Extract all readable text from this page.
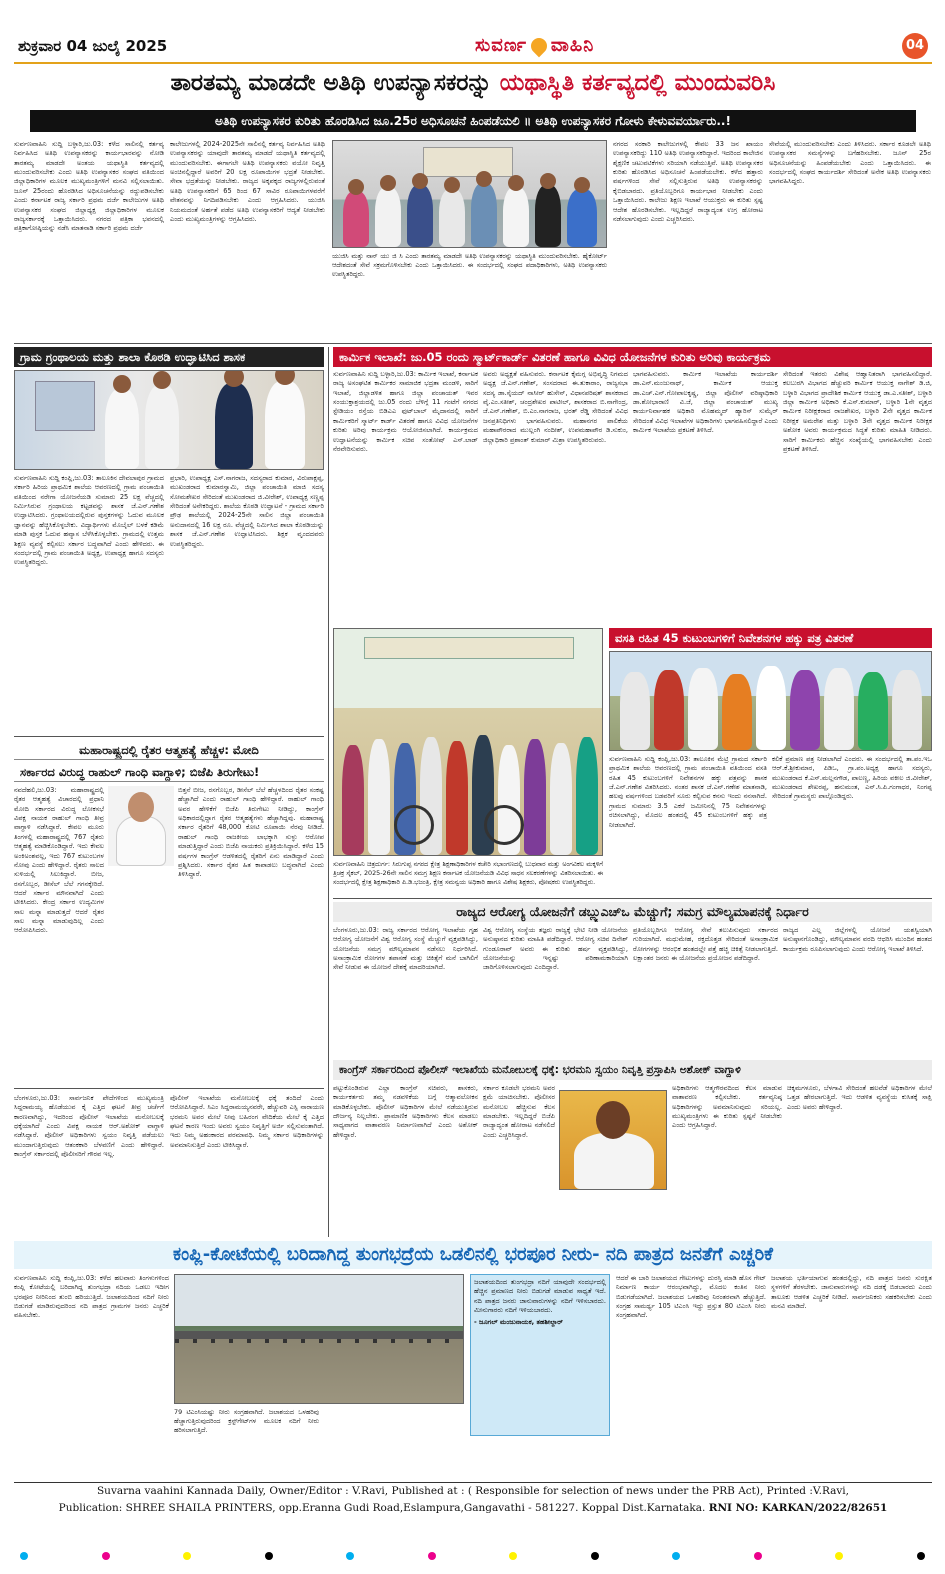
ಶುಕ್ರವಾರ 04 ಜುಲೈ 2025	ಸುವರ್ಣ ವಾಹಿನಿ	04
ತಾರತಮ್ಯ ಮಾಡದೇ ಅತಿಥಿ ಉಪನ್ಯಾಸಕರನ್ನು ಯಥಾಸ್ಥಿತಿ ಕರ್ತವ್ಯದಲ್ಲಿ ಮುಂದುವರಿಸಿ
ಅತಿಥಿ ಉಪನ್ಯಾಸಕರ ಕುರಿತು ಹೊರಡಿಸಿದ ಜೂ.25ರ ಅಧಿಸೂಚನೆ ಹಿಂಪಡೆಯಲಿ ॥ ಅತಿಥಿ ಉಪನ್ಯಾಸಕರ ಗೋಳು ಕೇಳುವವರ್ಯಾರು..!
ಸುರ್ವಣವಾಹಿನಿ ಸುದ್ದಿ ಬಳ್ಳಾರಿ,ಜು.03: ಕಳೆದ ಸಾಲಿನಲ್ಲಿ ಕರ್ತವ್ಯ ನಿರ್ವಹಿಸಿದ ಅತಿಥಿ ಉಪನ್ಯಾಸಕರನ್ನು ಕಾರ್ಯಭಾರವನ್ನು ನೋಡಿ ತಾರತಮ್ಯ ಮಾಡದೇ ಅಂತಯ ಯಥಾಸ್ಥಿತಿ ಕರ್ತವ್ಯದಲ್ಲಿ ಮುಂದುವರಿಸಬೇಕು ಎಂದು ಅತಿಥಿ ಉಪನ್ಯಾಸಕರ ಸಂಘದ ವತಿಯಿಂದ ಜಿಲ್ಲಾಧಿಕಾರಿಗಳ ಮೂಲಕ ಮುಖ್ಯಮಂತ್ರಿಗಳಿಗೆ ಮನವಿ ಸಲ್ಲಿಸಲಾಯಿತು. ಜೂನ್ 25ರಂದು ಹೊರಡಿಸಿದ ಅಧಿಸೂಚನೆಯನ್ನು ರದ್ದುಪಡಿಸಬೇಕು ಎಂದು ಕರ್ನಾಟಕ ರಾಜ್ಯ ಸರ್ಕಾರಿ ಪ್ರಥಮ ದರ್ಜೆ ಕಾಲೇಜುಗಳ ಅತಿಥಿ ಉಪನ್ಯಾಸಕರ ಸಂಘದ ಜಿಲ್ಲಾಧ್ಯಕ್ಷ ಜಿಲ್ಲಾಧಿಕಾರಿಗಳ ಮೂಲಕ ರಾಜ್ಯಸರ್ಕಾರಕ್ಕೆ ಒತ್ತಾಯಿಸಿದರು. ನಗರದ ಪತ್ರಿಕಾ ಭವನದಲ್ಲಿ ಪತ್ರಿಕಾಗೋಷ್ಠಿಯನ್ನು ನಡೆಸಿ ಮಾತನಾಡಿ ಸರ್ಕಾರಿ ಪ್ರಥಮ ದರ್ಜೆ
ಕಾಲೇಜುಗಳಲ್ಲಿ 2024-2025ನೇ ಸಾಲಿನಲ್ಲಿ ಕರ್ತವ್ಯ ನಿರ್ವಹಿಸಿದ ಅತಿಥಿ ಉಪನ್ಯಾಸಕರನ್ನು ಯಾವುದೇ ತಾರತಮ್ಯ ಮಾಡದೆ ಯಥಾಸ್ಥಿತಿ ಕರ್ತವ್ಯದಲ್ಲಿ ಮುಂದುವರಿಸಬೇಕು. ಈಗಾಗಲೇ ಅತಿಥಿ ಉಪನ್ಯಾಸಕರು ವಯೋ ನಿವೃತ್ತಿ ಅಂಚಿನಲ್ಲಿದ್ದಾರೆ ಅವರಿಗೆ 20 ಲಕ್ಷ ರೂಪಾಯಿಗಳ ಭದ್ರತೆ ನೀಡಬೇಕು. ಸೇವಾ ಭದ್ರತೆಯನ್ನು ನೀಡಬೇಕು. ರಾಜ್ಯದ ಅಕ್ಕಪಕ್ಕದ ರಾಜ್ಯಗಳಲ್ಲಿರುವಂತೆ ಅತಿಥಿ ಉಪನ್ಯಾಸಕರಿಗೆ 65 ರಿಂದ 67 ಸಾವಿರ ರೂಪಾಯಿಗಳವರೆಗೆ ವೇತನವನ್ನು ನಿಗದಿಪಡಿಸಬೇಕು ಎಂದು ಆಗ್ರಹಿಸಿದರು. ಯುಜಿಸಿ ನಿಯಮದಂತೆ ಅರ್ಹತೆ ಪಡೆದ ಅತಿಥಿ ಉಪನ್ಯಾಸಕರಿಗೆ ಆದ್ಯತೆ ನೀಡಬೇಕು ಎಂದು ಮುಖ್ಯಮಂತ್ರಿಗಳನ್ನು ಆಗ್ರಹಿಸಿದರು.
ಯುಜಿಸಿ ಮತ್ತು ನಾನ್ ಯು ಜಿ ಸಿ ಎಂದು ತಾರತಮ್ಯ ಮಾಡದೇ ಅತಿಥಿ ಉಪನ್ಯಾಸಕರನ್ನು ಯಥಾಸ್ಥಿತಿ ಮುಂದುವರಿಸಬೇಕು. ಹೈಕೋರ್ಟ್ ಆದೇಶದಂತೆ ಸೇವೆ ಸಕ್ರಮಗೊಳಿಸಬೇಕು ಎಂದು ಒತ್ತಾಯಿಸಿದರು. ಈ ಸಂದರ್ಭದಲ್ಲಿ ಸಂಘದ ಪದಾಧಿಕಾರಿಗಳು, ಅತಿಥಿ ಉಪನ್ಯಾಸಕರು ಉಪಸ್ಥಿತರಿದ್ದರು.
ನಗರದ ಸರಕಾರಿ ಕಾಲೇಜುಗಳಲ್ಲಿ ಕೇವಲ 33 ಜನ ಖಾಯಂ ಉಪನ್ಯಾಸಕರಿದ್ದು 110 ಅತಿಥಿ ಉಪನ್ಯಾಸಕರಿದ್ದಾರೆ. ಇದರಿಂದ ಕಾಲೇಜಿನ ಶೈಕ್ಷಣಿಕ ಚಟುವಟಿಕೆಗಳು ಸರಿಯಾಗಿ ನಡೆಯುತ್ತಿವೆ. ಅತಿಥಿ ಉಪನ್ಯಾಸಕರ ಕುರಿತು ಹೊರಡಿಸಿದ ಅಧಿಸೂಚನೆ ಹಿಂಪಡೆಯಬೇಕು. ಕಳೆದ ಹತ್ತಾರು ವರ್ಷಗಳಿಂದ ಸೇವೆ ಸಲ್ಲಿಸುತ್ತಿರುವ ಅತಿಥಿ ಉಪನ್ಯಾಸಕರನ್ನು ಕೈಬಿಡಬಾರದು. ಪ್ರತಿಯೊಬ್ಬರಿಗೂ ಕಾರ್ಯಭಾರ ನೀಡಬೇಕು ಎಂದು ಒತ್ತಾಯಿಸಿದರು. ಕಾಲೇಜು ಶಿಕ್ಷಣ ಇಲಾಖೆ ಆಯುಕ್ತರು ಈ ಕುರಿತು ಸ್ಪಷ್ಟ ಆದೇಶ ಹೊರಡಿಸಬೇಕು. ಇಲ್ಲದಿದ್ದರೆ ರಾಜ್ಯಾದ್ಯಂತ ಉಗ್ರ ಹೋರಾಟ ನಡೆಸಲಾಗುವುದು ಎಂದು ಎಚ್ಚರಿಸಿದರು.
ಸೇವೆಯಲ್ಲಿ ಮುಂದುವರಿಸಬೇಕು ಎಂದು ತಿಳಿಸಿದರು. ಸರ್ಕಾರ ಕೂಡಲೇ ಅತಿಥಿ ಉಪನ್ಯಾಸಕರ ಸಮಸ್ಯೆಗಳನ್ನು ಬಗೆಹರಿಸಬೇಕು. ಜೂನ್ 25ರ ಅಧಿಸೂಚನೆಯನ್ನು ಹಿಂಪಡೆಯಬೇಕು ಎಂದು ಒತ್ತಾಯಿಸಿದರು. ಈ ಸಂದರ್ಭದಲ್ಲಿ ಸಂಘದ ಕಾರ್ಯದರ್ಶಿ ಸೇರಿದಂತೆ ಅನೇಕ ಅತಿಥಿ ಉಪನ್ಯಾಸಕರು ಭಾಗವಹಿಸಿದ್ದರು.
ಗ್ರಾಮ ಗ್ರಂಥಾಲಯ ಮತ್ತು ಶಾಲಾ ಕೊಠಡಿ ಉದ್ಘಾಟಿಸಿದ ಶಾಸಕ
ಸುರ್ವಣವಾಹಿನಿ ಸುದ್ದಿ ಕಂಪ್ಲಿ,ಜು.03: ತಾಲೂಕಿನ ದೇವಲಾಪುರ ಗ್ರಾಮದ ಸರ್ಕಾರಿ ಹಿರಿಯ ಪ್ರಾಥಮಿಕ ಶಾಲೆಯ ಆವರಣದಲ್ಲಿ ಗ್ರಾಮ ಪಂಚಾಯಿತಿ ವತಿಯಿಂದ ನರೇಗಾ ಯೋಜನೆಯಡಿ ಸುಮಾರು 25 ಲಕ್ಷ ವೆಚ್ಚದಲ್ಲಿ ನಿರ್ಮಿಸಿರುವ ಗ್ರಂಥಾಲಯ ಕಟ್ಟಡವನ್ನು ಶಾಸಕ ಜೆ.ಎನ್.ಗಣೇಶ ಉದ್ಘಾಟಿಸಿದರು. ಗ್ರಂಥಾಲಯದಲ್ಲಿರುವ ಪುಸ್ತಕಗಳನ್ನು ಓದುವ ಮೂಲಕ ಜ್ಞಾನವನ್ನು ಹೆಚ್ಚಿಸಿಕೊಳ್ಳಬೇಕು. ವಿದ್ಯಾರ್ಥಿಗಳು ಮೊಬೈಲ್ ಬಳಕೆ ಕಡಿಮೆ ಮಾಡಿ ಪುಸ್ತಕ ಓದುವ ಹವ್ಯಾಸ ಬೆಳೆಸಿಕೊಳ್ಳಬೇಕು. ಗ್ರಾಮದಲ್ಲಿ ಉತ್ತಮ ಶಿಕ್ಷಣ ವ್ಯವಸ್ಥೆ ಕಲ್ಪಿಸಲು ಸರ್ಕಾರ ಬದ್ಧವಾಗಿದೆ ಎಂದು ಹೇಳಿದರು. ಈ ಸಂದರ್ಭದಲ್ಲಿ ಗ್ರಾಮ ಪಂಚಾಯಿತಿ ಅಧ್ಯಕ್ಷ, ಉಪಾಧ್ಯಕ್ಷ ಹಾಗೂ ಸದಸ್ಯರು ಉಪಸ್ಥಿತರಿದ್ದರು.
ಪ್ರಭಾರಿ, ಉಪಾಧ್ಯಕ್ಷ ಎಸ್.ನಾಗರಾಜ, ಸದಸ್ಯರಾದ ಕುಮಾರ, ವಿರುಪಾಕ್ಷಪ್ಪ, ಮುಖಂಡರಾದ ಕುಮಾರಸ್ವಾಮಿ, ಜಿಲ್ಲಾ ಪಂಚಾಯಿತಿ ಮಾಜಿ ಸದಸ್ಯ ಸೋಮಶೇಖರ ಸೇರಿದಂತೆ ಮುಖಂಡರಾದ ಜಿ.ವೀರೇಶ್, ಉಪಾಧ್ಯಕ್ಷ ಸಣ್ಣಪ್ಪ ಸೇರಿದಂತೆ ಅನೇಕರಿದ್ದರು. ಶಾಲೆಯ ಕೊಠಡಿ ಉದ್ಘಾಟನೆ - ಗ್ರಾಮದ ಸರ್ಕಾರಿ ಪ್ರೌಢ ಶಾಲೆಯಲ್ಲಿ 2024-25ನೇ ಸಾಲಿನ ಜಿಲ್ಲಾ ಪಂಚಾಯಿತಿ ಅನುದಾನದಲ್ಲಿ 16 ಲಕ್ಷ ರೂ. ವೆಚ್ಚದಲ್ಲಿ ನಿರ್ಮಿಸಿದ ಶಾಲಾ ಕೊಠಡಿಯನ್ನು ಶಾಸಕ ಜೆ.ಎನ್.ಗಣೇಶ ಉದ್ಘಾಟಿಸಿದರು. ಶಿಕ್ಷಕ ವೃಂದದವರು ಉಪಸ್ಥಿತರಿದ್ದರು.
ಕಾರ್ಮಿಕ ಇಲಾಖೆ: ಜು.05 ರಂದು ಸ್ಮಾರ್ಟ್‌ಕಾರ್ಡ್ ವಿತರಣೆ ಹಾಗೂ ವಿವಿಧ ಯೋಜನೆಗಳ ಕುರಿತು ಅರಿವು ಕಾರ್ಯಕ್ರಮ
ಸುರ್ವಣವಾಹಿನಿ ಸುದ್ದಿ ಬಳ್ಳಾರಿ,ಜು.03: ಕಾರ್ಮಿಕ ಇಲಾಖೆ, ಕರ್ನಾಟಕ ರಾಜ್ಯ ಅಸಂಘಟಿತ ಕಾರ್ಮಿಕರ ಸಾಮಾಜಿಕ ಭದ್ರತಾ ಮಂಡಳಿ, ಸಾರಿಗೆ ಇಲಾಖೆ, ಜಿಲ್ಲಾಡಳಿತ ಹಾಗೂ ಜಿಲ್ಲಾ ಪಂಚಾಯತ್ ಇವರ ಸಂಯುಕ್ತಾಶ್ರಯದಲ್ಲಿ ಜು.05 ರಂದು ಬೆಳಿಗ್ಗೆ 11 ಗಂಟೆಗೆ ನಗರದ ಸ್ಟೇಡಿಯಂ ರಸ್ತೆಯ ಬಿಡಿಎಎ ಫುಟ್‌ಬಾಲ್ ಮೈದಾನದಲ್ಲಿ ಸಾರಿಗೆ ಕಾರ್ಮಿಕರಿಗೆ ಸ್ಮಾರ್ಟ್ ಕಾರ್ಡ್ ವಿತರಣೆ ಹಾಗೂ ವಿವಿಧ ಯೋಜನೆಗಳ ಕುರಿತು ಅರಿವು ಕಾರ್ಯಕ್ರಮ ಆಯೋಜಿಸಲಾಗಿದೆ. ಕಾರ್ಯಕ್ರಮದ ಉದ್ಘಾಟನೆಯನ್ನು ಕಾರ್ಮಿಕ ಸಚಿವ ಸಂತೋಷ್ ಎಸ್.ಲಾಡ್ ನೆರವೇರಿಸುವರು.
ಅವರು ಅಧ್ಯಕ್ಷತೆ ವಹಿಸುವರು. ಕರ್ನಾಟಕ ಕೈಮಗ್ಗ ಅಭಿವೃದ್ಧಿ ನಿಗಮದ ಅಧ್ಯಕ್ಷ ಜೆ.ಎನ್.ಗಣೇಶ್, ಸಂಸದರಾದ ಈ.ತುಕಾರಾಂ, ರಾಜ್ಯಸಭಾ ಸದಸ್ಯ ಡಾ.ಸೈಯದ್ ನಾಸೀರ್ ಹುಸೇನ್, ವಿಧಾನಪರಿಷತ್ ಶಾಸಕರಾದ ವೈ.ಎಂ.ಸತೀಶ್, ಚಂದ್ರಶೇಖರ ಪಾಟೀಲ್, ಶಾಸಕರಾದ ಬಿ.ನಾಗೇಂದ್ರ, ಜೆ.ಎನ್.ಗಣೇಶ್, ಬಿ.ಎಂ.ನಾಗರಾಜ, ಭರತ್ ರೆಡ್ಡಿ ಸೇರಿದಂತೆ ವಿವಿಧ ಜನಪ್ರತಿನಿಧಿಗಳು ಭಾಗವಹಿಸುವರು. ಮಹಾನಗರ ಪಾಲಿಕೆಯ ಮಹಾಪೌರರಾದ ಮುಲ್ಲಂಗಿ ನಂದೀಶ್, ಉಪಮಹಾಪೌರ ಡಿ.ಸುಕುಂ, ಜಿಲ್ಲಾಧಿಕಾರಿ ಪ್ರಶಾಂತ್ ಕುಮಾರ್ ಮಿಶ್ರಾ ಉಪಸ್ಥಿತರಿರುವರು.
ಭಾಗವಹಿಸುವರು. ಕಾರ್ಮಿಕ ಇಲಾಖೆಯ ಕಾರ್ಯದರ್ಶಿ ಡಾ.ಎನ್.ಮಂಜುನಾಥ್, ಕಾರ್ಮಿಕ ಆಯುಕ್ತ ಡಾ.ಎಚ್.ಎನ್.ಗೋಪಾಲಕೃಷ್ಣ, ಜಿಲ್ಲಾ ಪೊಲೀಸ್ ವರಿಷ್ಠಾಧಿಕಾರಿ ಡಾ.ಶೋಭಾರಾಣಿ ವಿ.ಜೆ, ಜಿಲ್ಲಾ ಪಂಚಾಯತ್ ಮುಖ್ಯ ಕಾರ್ಯನಿರ್ವಾಹಕ ಅಧಿಕಾರಿ ಮೊಹಮ್ಮದ್ ಹ್ಯಾರಿಸ್ ಸುಮೈರ್ ಸೇರಿದಂತೆ ವಿವಿಧ ಇಲಾಖೆಗಳ ಅಧಿಕಾರಿಗಳು ಭಾಗವಹಿಸಲಿದ್ದಾರೆ ಎಂದು ಕಾರ್ಮಿಕ ಇಲಾಖೆಯ ಪ್ರಕಟಣೆ ತಿಳಿಸಿದೆ.
ಸೇರಿದಂತೆ ಇತರರು ವಿಶೇಷ ಆಹ್ವಾನಿತರಾಗಿ ಭಾಗವಹಿಸಲಿದ್ದಾರೆ. ಕಲಬುರಗಿ ವಿಭಾಗದ ಹೆಚ್ಚುವರಿ ಕಾರ್ಮಿಕ ಆಯುಕ್ತ ನಾಗೇಶ್ ಡಿ.ಜಿ, ಬಳ್ಳಾರಿ ವಿಭಾಗದ ಪ್ರಾದೇಶಿಕ ಕಾರ್ಮಿಕ ಆಯುಕ್ತ ಡಾ.ಎ.ಸತೀಶ್, ಬಳ್ಳಾರಿ ಜಿಲ್ಲಾ ಕಾರ್ಮಿಕ ಅಧಿಕಾರಿ ಕೆ.ಎಸ್.ಕುಮಾರ್, ಬಳ್ಳಾರಿ 1ನೇ ವೃತ್ತದ ಕಾರ್ಮಿಕ ನಿರೀಕ್ಷಕರಾದ ರಾಜಶೇಖರ, ಬಳ್ಳಾರಿ 2ನೇ ವೃತ್ತದ ಕಾರ್ಮಿಕ ನಿರೀಕ್ಷಕ ಅಮರೇಶ ಮತ್ತು ಬಳ್ಳಾರಿ 3ನೇ ವೃತ್ತದ ಕಾರ್ಮಿಕ ನಿರೀಕ್ಷಕ ಅಶೋಕ ಅವರು ಕಾರ್ಯಕ್ರಮದ ಸಿದ್ಧತೆ ಕುರಿತು ಮಾಹಿತಿ ನೀಡಿದರು. ಸಾರಿಗೆ ಕಾರ್ಮಿಕರು ಹೆಚ್ಚಿನ ಸಂಖ್ಯೆಯಲ್ಲಿ ಭಾಗವಹಿಸಬೇಕು ಎಂದು ಪ್ರಕಟಣೆ ತಿಳಿಸಿದೆ.
ಸುರ್ವಣವಾಹಿನಿ ಚಿತ್ರದುರ್ಗ: ಸಿರುಗುಪ್ಪ ನಗರದ ಕ್ಷೇತ್ರ ಶಿಕ್ಷಣಾಧಿಕಾರಿಗಳ ಕಚೇರಿ ಸಭಾಂಗಣದಲ್ಲಿ ಬುಧವಾರ ಮತ್ತು ಅಂಗವಿಕಲ ಮಕ್ಕಳಿಗೆ ತ್ರಿಚಕ್ರ ಸೈಕಲ್, 2025-26ನೇ ಸಾಲಿನ ಸಮಗ್ರ ಶಿಕ್ಷಣ ಕರ್ನಾಟಕ ಯೋಜನೆಯಡಿ ವಿವಿಧ ಸಾಧನ ಸಲಕರಣೆಗಳನ್ನು ವಿತರಿಸಲಾಯಿತು. ಈ ಸಂದರ್ಭದಲ್ಲಿ ಕ್ಷೇತ್ರ ಶಿಕ್ಷಣಾಧಿಕಾರಿ ಪಿ.ಡಿ.ಭಜಂತ್ರಿ, ಕ್ಷೇತ್ರ ಸಮನ್ವಯ ಅಧಿಕಾರಿ ಹಾಗೂ ವಿಶೇಷ ಶಿಕ್ಷಕರು, ಪೋಷಕರು ಉಪಸ್ಥಿತರಿದ್ದರು.
ವಸತಿ ರಹಿತ 45 ಕುಟುಂಬಗಳಿಗೆ ನಿವೇಶನಗಳ ಹಕ್ಕು ಪತ್ರ ವಿತರಣೆ
ಸುರ್ವಣವಾಹಿನಿ ಸುದ್ದಿ ಕಂಪ್ಲಿ,ಜು.03: ತಾಲೂಕಿನ ಮೆಟ್ರಿ ಗ್ರಾಮದ ಸರ್ಕಾರಿ ಪ್ರಾಥಮಿಕ ಶಾಲೆಯ ಆವರಣದಲ್ಲಿ ಗ್ರಾಮ ಪಂಚಾಯಿತಿ ವತಿಯಿಂದ ವಸತಿ ರಹಿತ 45 ಕುಟುಂಬಗಳಿಗೆ ನಿವೇಶನಗಳ ಹಕ್ಕು ಪತ್ರವನ್ನು ಶಾಸಕ ಜೆ.ಎನ್.ಗಣೇಶ ವಿತರಿಸಿದರು. ನಂತರ ಶಾಸಕ ಜೆ.ಎನ್.ಗಣೇಶ ಮಾತನಾಡಿ, ಹಲವು ವರ್ಷಗಳಿಂದ ಬಡವರಿಗೆ ಸೂರು ಕಲ್ಪಿಸುವ ಕನಸು ಇಂದು ನನಸಾಗಿದೆ. ಗ್ರಾಮದ ಸುಮಾರು 3.5 ಎಕರೆ ಜಮೀನಿನಲ್ಲಿ 75 ನಿವೇಶನಗಳನ್ನು ರಚಿಸಲಾಗಿದ್ದು, ಮೊದಲ ಹಂತದಲ್ಲಿ 45 ಕುಟುಂಬಗಳಿಗೆ ಹಕ್ಕು ಪತ್ರ ನೀಡಲಾಗಿದೆ.
ಕಲಿಕೆ ಪ್ರಮಾಣ ಪತ್ರ ನೀಡಲಾಗಿದೆ ಎಂದರು. ಈ ಸಂದರ್ಭದಲ್ಲಿ ತಾ.ಪಂ.ಇಒ ಆರ್.ಕೆ.ಶ್ರೀಕುಮಾರ, ಪಿಡಿಒ, ಗ್ರಾ.ಪಂ.ಅಧ್ಯಕ್ಷ ಹಾಗೂ ಸದಸ್ಯರು, ಮುಖಂಡರಾದ ಕೆ.ಎಸ್.ಮಲ್ಲನಗೌಡ, ಪಾಲಣ್ಣ, ಹಿರಿಯ ವಕೀಲ ಜಿ.ವೀರೇಶ್, ಮುಖಂಡರಾದ ಶೇಖರಪ್ಪ, ಹನುಮಂತ, ಎನ್.ಸಿ.ಪಿ.ಗಂಗಾಧರ, ನಿಂಗಪ್ಪ ಸೇರಿದಂತೆ ಗ್ರಾಮಸ್ಥರು ಪಾಲ್ಗೊಂಡಿದ್ದರು.
ಮಹಾರಾಷ್ಟ್ರದಲ್ಲಿ ರೈತರ ಆತ್ಮಹತ್ಯೆ ಹೆಚ್ಚಳ: ಮೋದಿ
ಸರ್ಕಾರದ ವಿರುದ್ಧ ರಾಹುಲ್ ಗಾಂಧಿ ವಾಗ್ದಾಳಿ; ಬಿಜೆಪಿ ತಿರುಗೇಟು!
ನವದೆಹಲಿ,ಜು.03: ಮಹಾರಾಷ್ಟ್ರದಲ್ಲಿ ರೈತರ ಆತ್ಮಹತ್ಯೆ ವಿಚಾರದಲ್ಲಿ ಪ್ರಧಾನಿ ಮೋದಿ ಸರ್ಕಾರದ ವಿರುದ್ಧ ಲೋಕಸಭೆ ವಿಪಕ್ಷ ನಾಯಕ ರಾಹುಲ್ ಗಾಂಧಿ ತೀವ್ರ ವಾಗ್ದಾಳಿ ನಡೆಸಿದ್ದಾರೆ. ಕೇವಲ ಮೂರು ತಿಂಗಳಲ್ಲಿ ಮಹಾರಾಷ್ಟ್ರದಲ್ಲಿ 767 ರೈತರು ಆತ್ಮಹತ್ಯೆ ಮಾಡಿಕೊಂಡಿದ್ದಾರೆ. ಇದು ಕೇವಲ ಅಂಕಿಅಂಶವಲ್ಲ, ಇದು 767 ಕುಟುಂಬಗಳ ನೋವು ಎಂದು ಹೇಳಿದ್ದಾರೆ. ರೈತರು ಸಾಲದ ಸುಳಿಯಲ್ಲಿ ಸಿಲುಕಿದ್ದಾರೆ. ಬೀಜ, ರಸಗೊಬ್ಬರ, ಡೀಸೆಲ್ ಬೆಲೆ ಗಗನಕ್ಕೇರಿದೆ. ಆದರೆ ಸರ್ಕಾರ ಮೌನವಾಗಿದೆ ಎಂದು ಟೀಕಿಸಿದರು. ಕೇಂದ್ರ ಸರ್ಕಾರ ಉದ್ಯಮಿಗಳ ಸಾಲ ಮನ್ನಾ ಮಾಡುತ್ತದೆ ಆದರೆ ರೈತರ ಸಾಲ ಮನ್ನಾ ಮಾಡುವುದಿಲ್ಲ ಎಂದು ಆರೋಪಿಸಿದರು.
ಬಿತ್ತನೆ ಬೀಜ, ರಸಗೊಬ್ಬರ, ಡೀಸೆಲ್ ಬೆಲೆ ಹೆಚ್ಚಳದಿಂದ ರೈತರ ಸಂಕಷ್ಟ ಹೆಚ್ಚಾಗಿದೆ ಎಂದು ರಾಹುಲ್ ಗಾಂಧಿ ಹೇಳಿದ್ದಾರೆ. ರಾಹುಲ್ ಗಾಂಧಿ ಅವರ ಹೇಳಿಕೆಗೆ ಬಿಜೆಪಿ ತಿರುಗೇಟು ನೀಡಿದ್ದು, ಕಾಂಗ್ರೆಸ್ ಅಧಿಕಾರದಲ್ಲಿದ್ದಾಗ ರೈತರ ಆತ್ಮಹತ್ಯೆಗಳು ಹೆಚ್ಚಾಗಿದ್ದವು. ಮಹಾರಾಷ್ಟ್ರ ಸರ್ಕಾರ ರೈತರಿಗೆ 48,000 ಕೋಟಿ ರೂಪಾಯಿ ನೆರವು ನೀಡಿದೆ. ರಾಹುಲ್ ಗಾಂಧಿ ರಾಜಕೀಯ ಲಾಭಕ್ಕಾಗಿ ಸುಳ್ಳು ಆರೋಪ ಮಾಡುತ್ತಿದ್ದಾರೆ ಎಂದು ಬಿಜೆಪಿ ನಾಯಕರು ಪ್ರತಿಕ್ರಿಯಿಸಿದ್ದಾರೆ. ಕಳೆದ 15 ವರ್ಷಗಳ ಕಾಂಗ್ರೆಸ್ ಆಡಳಿತದಲ್ಲಿ ರೈತರಿಗೆ ಏನು ಮಾಡಿದ್ದಾರೆ ಎಂದು ಪ್ರಶ್ನಿಸಿದರು. ಸರ್ಕಾರ ರೈತರ ಹಿತ ಕಾಪಾಡಲು ಬದ್ಧವಾಗಿದೆ ಎಂದು ತಿಳಿಸಿದ್ದಾರೆ.
ಬೆಂಗಳೂರು,ಜು.03: ಸಾರ್ವಜನಿಕ ಪೇದೆಗಳಿಂದ ಮುಖ್ಯಮಂತ್ರಿ ಸಿದ್ದರಾಮಯ್ಯ ಹೊಡೆಯುವ ಕೈ ಎತ್ತಿದ ಘಟನೆ ತೀವ್ರ ಚರ್ಚೆಗೆ ಕಾರಣವಾಗಿದ್ದು, ಇದರಿಂದ ಪೊಲೀಸ್ ಇಲಾಖೆಯ ಮನೋಬಲಕ್ಕೆ ಧಕ್ಕೆಯಾಗಿದೆ ಎಂದು ವಿಪಕ್ಷ ನಾಯಕ ಆರ್.ಅಶೋಕ್ ವಾಗ್ದಾಳಿ ನಡೆಸಿದ್ದಾರೆ. ಪೊಲೀಸ್ ಅಧಿಕಾರಿಗಳು ಸ್ವಯಂ ನಿವೃತ್ತಿ ಪಡೆಯಲು ಮುಂದಾಗುತ್ತಿರುವುದು ಆತಂಕಕಾರಿ ಬೆಳವಣಿಗೆ ಎಂದು ಹೇಳಿದ್ದಾರೆ. ಕಾಂಗ್ರೆಸ್ ಸರ್ಕಾರದಲ್ಲಿ ಪೊಲೀಸರಿಗೆ ಗೌರವ ಇಲ್ಲ.
ಪೊಲೀಸ್ ಇಲಾಖೆಯ ಮನೋಬಲಕ್ಕೆ ಧಕ್ಕೆ ತಂದಿದೆ ಎಂದು ಆರೋಪಿಸಿದ್ದಾರೆ. ಸಿಎಂ ಸಿದ್ದರಾಮಯ್ಯನವರೇ, ಹೆಚ್ಚುವರಿ ಎಸ್ಪಿ ನಾರಾಯಣ ಭರಮನಿ ಅವರ ಮೇಲೆ ನೀವು ಬಹಿರಂಗ ವೇದಿಕೆಯ ಮೇಲೆ ಕೈ ಎತ್ತಿದ ಘಟನೆ ಕಾರಣ ಇಂದು ಅವರು ಸ್ವಯಂ ನಿವೃತ್ತಿಗೆ ಅರ್ಜಿ ಸಲ್ಲಿಸುವಂತಾಗಿದೆ. ಇದು ನಿಮ್ಮ ಅಹಂಕಾರದ ಪರಮಾವಧಿ. ನಿಮ್ಮ ಸರ್ಕಾರ ಅಧಿಕಾರಿಗಳನ್ನು ಅವಮಾನಿಸುತ್ತಿದೆ ಎಂದು ಟೀಕಿಸಿದ್ದಾರೆ.
ರಾಜ್ಯದ ಆರೋಗ್ಯ ಯೋಜನೆಗೆ ಡಬ್ಲ್ಯುಎಚ್‌ಒ ಮೆಚ್ಚುಗೆ; ಸಮಗ್ರ ಮೌಲ್ಯಮಾಪನಕ್ಕೆ ನಿರ್ಧಾರ
ಬೆಂಗಳೂರು,ಜು.03: ರಾಜ್ಯ ಸರ್ಕಾರದ ಆರೋಗ್ಯ ಇಲಾಖೆಯ ಗೃಹ ಆರೋಗ್ಯ ಯೋಜನೆಗೆ ವಿಶ್ವ ಆರೋಗ್ಯ ಸಂಸ್ಥೆ ಮೆಚ್ಚುಗೆ ವ್ಯಕ್ತಪಡಿಸಿದ್ದು, ಯೋಜನೆಯ ಸಮಗ್ರ ಮೌಲ್ಯಮಾಪನ ನಡೆಸಲು ನಿರ್ಧರಿಸಿದೆ. ಅಸಾಂಕ್ರಾಮಿಕ ರೋಗಗಳ ತಪಾಸಣೆ ಮತ್ತು ಚಿಕಿತ್ಸೆಗೆ ಮನೆ ಬಾಗಿಲಿಗೆ ಸೇವೆ ನೀಡುವ ಈ ಯೋಜನೆ ದೇಶಕ್ಕೆ ಮಾದರಿಯಾಗಿದೆ.
ವಿಶ್ವ ಆರೋಗ್ಯ ಸಂಸ್ಥೆಯ ತಜ್ಞರು ರಾಜ್ಯಕ್ಕೆ ಭೇಟಿ ನೀಡಿ ಯೋಜನೆಯ ಅನುಷ್ಠಾನದ ಕುರಿತು ಮಾಹಿತಿ ಪಡೆದಿದ್ದಾರೆ. ಆರೋಗ್ಯ ಸಚಿವ ದಿನೇಶ್ ಗುಂಡೂರಾವ್ ಅವರು ಈ ಕುರಿತು ಹರ್ಷ ವ್ಯಕ್ತಪಡಿಸಿದ್ದು, ಯೋಜನೆಯನ್ನು ಇನ್ನಷ್ಟು ಪರಿಣಾಮಕಾರಿಯಾಗಿ ಜಾರಿಗೊಳಿಸಲಾಗುವುದು ಎಂದಿದ್ದಾರೆ.
ಪ್ರತಿಯೊಬ್ಬರಿಗೂ ಆರೋಗ್ಯ ಸೇವೆ ತಲುಪಿಸುವುದು ಸರ್ಕಾರದ ಗುರಿಯಾಗಿದೆ. ಮಧುಮೇಹ, ರಕ್ತದೊತ್ತಡ ಸೇರಿದಂತೆ ಅಸಾಂಕ್ರಾಮಿಕ ರೋಗಗಳನ್ನು ಆರಂಭಿಕ ಹಂತದಲ್ಲೇ ಪತ್ತೆ ಹಚ್ಚಿ ಚಿಕಿತ್ಸೆ ನೀಡಲಾಗುತ್ತಿದೆ. ಲಕ್ಷಾಂತರ ಜನರು ಈ ಯೋಜನೆಯ ಪ್ರಯೋಜನ ಪಡೆದಿದ್ದಾರೆ.
ರಾಜ್ಯದ ಎಲ್ಲ ಜಿಲ್ಲೆಗಳಲ್ಲಿ ಯೋಜನೆ ಯಶಸ್ವಿಯಾಗಿ ಅನುಷ್ಠಾನಗೊಂಡಿದ್ದು, ಮೌಲ್ಯಮಾಪನ ವರದಿ ಆಧರಿಸಿ ಮುಂದಿನ ಹಂತದ ಕಾರ್ಯಕ್ರಮ ರೂಪಿಸಲಾಗುವುದು ಎಂದು ಆರೋಗ್ಯ ಇಲಾಖೆ ತಿಳಿಸಿದೆ.
ಕಾಂಗ್ರೆಸ್ ಸರ್ಕಾರದಿಂದ ಪೊಲೀಸ್ ಇಲಾಖೆಯ ಮನೋಬಲಕ್ಕೆ ಧಕ್ಕೆ: ಭರಮನಿ ಸ್ವಯಂ ನಿವೃತ್ತಿ ಪ್ರಸ್ತಾಪಿಸಿ ಅಶೋಕ್ ವಾಗ್ದಾಳಿ
ಪಟ್ಟುಕೊಂಡಿರುವ ಎಲ್ಲಾ ಕಾಂಗ್ರೆಸ್ ಸಚಿವರು, ಶಾಸಕರು, ಕಾರ್ಯಕರ್ತರು ತಮ್ಮ ನಡವಳಿಕೆಯ ಬಗ್ಗೆ ಆತ್ಮಾವಲೋಕನ ಮಾಡಿಕೊಳ್ಳಬೇಕು. ಪೊಲೀಸ್ ಅಧಿಕಾರಿಗಳ ಮೇಲೆ ನಡೆಯುತ್ತಿರುವ ದೌರ್ಜನ್ಯ ನಿಲ್ಲಬೇಕು. ಪ್ರಾಮಾಣಿಕ ಅಧಿಕಾರಿಗಳು ಕೆಲಸ ಮಾಡಲು ಸಾಧ್ಯವಾಗದ ವಾತಾವರಣ ನಿರ್ಮಾಣವಾಗಿದೆ ಎಂದು ಅಶೋಕ್ ಹೇಳಿದ್ದಾರೆ.
ಸರ್ಕಾರ ಕೂಡಲೇ ಭರಮನಿ ಅವರ ಕ್ಷಮೆ ಯಾಚಿಸಬೇಕು. ಪೊಲೀಸರ ಮನೋಬಲ ಹೆಚ್ಚಿಸುವ ಕೆಲಸ ಮಾಡಬೇಕು. ಇಲ್ಲದಿದ್ದರೆ ಬಿಜೆಪಿ ರಾಜ್ಯಾದ್ಯಂತ ಹೋರಾಟ ನಡೆಸಲಿದೆ ಎಂದು ಎಚ್ಚರಿಸಿದ್ದಾರೆ.
ಅಧಿಕಾರಿಗಳು ಆತ್ಮಗೌರವದಿಂದ ಕೆಲಸ ಮಾಡುವ ವಾತಾವರಣ ಕಲ್ಪಿಸಬೇಕು. ಕರ್ತವ್ಯನಿಷ್ಠ ಅಧಿಕಾರಿಗಳನ್ನು ಅವಮಾನಿಸುವುದು ಸರಿಯಲ್ಲ. ಮುಖ್ಯಮಂತ್ರಿಗಳು ಈ ಕುರಿತು ಸ್ಪಷ್ಟನೆ ನೀಡಬೇಕು ಎಂದು ಆಗ್ರಹಿಸಿದ್ದಾರೆ.
ಚಿಕ್ಕಮಗಳೂರು, ಬೆಳಗಾವಿ ಸೇರಿದಂತೆ ಹಲವೆಡೆ ಅಧಿಕಾರಿಗಳ ಮೇಲೆ ಒತ್ತಡ ಹೇರಲಾಗುತ್ತಿದೆ. ಇದು ಆಡಳಿತ ವ್ಯವಸ್ಥೆಯ ಕುಸಿತಕ್ಕೆ ಸಾಕ್ಷಿ ಎಂದು ಅವರು ಹೇಳಿದ್ದಾರೆ.
ಕಂಪ್ಲಿ-ಕೋಟೆಯಲ್ಲಿ ಬರಿದಾಗಿದ್ದ ತುಂಗಭದ್ರೆಯ ಒಡಲಿನಲ್ಲಿ ಭರಪೂರ ನೀರು- ನದಿ ಪಾತ್ರದ ಜನತೆಗೆ ಎಚ್ಚರಿಕೆ
ಸುರ್ವಣವಾಹಿನಿ ಸುದ್ದಿ ಕಂಪ್ಲಿ,ಜು.03: ಕಳೆದ ಹಲವಾರು ತಿಂಗಳುಗಳಿಂದ ಕಂಪ್ಲಿ ಕೋಟೆಯಲ್ಲಿ ಬರಿದಾಗಿದ್ದ ತುಂಗಭದ್ರಾ ನದಿಯ ಒಡಲು ಇದೀಗ ಭರಪೂರ ನೀರಿನಿಂದ ತುಂಬಿ ಹರಿಯುತ್ತಿದೆ. ಜಲಾಶಯದಿಂದ ನದಿಗೆ ನೀರು ಬಿಡುಗಡೆ ಮಾಡಿರುವುದರಿಂದ ನದಿ ಪಾತ್ರದ ಗ್ರಾಮಗಳ ಜನರು ಎಚ್ಚರಿಕೆ ವಹಿಸಬೇಕು.
79 ಟಿಎಂಸಿಯಷ್ಟು ನೀರು ಸಂಗ್ರಹವಾಗಿದೆ. ಜಲಾಶಯದ ಒಳಹರಿವು ಹೆಚ್ಚಾಗುತ್ತಿರುವುದರಿಂದ ಕ್ರಸ್ಟ್‌ಗೇಟ್‌ಗಳ ಮೂಲಕ ನದಿಗೆ ನೀರು ಹರಿಸಲಾಗುತ್ತಿದೆ.
ಜಲಾಶಯದಿಂದ ತುಂಗಭದ್ರಾ ನದಿಗೆ ಯಾವುದೇ ಸಂದರ್ಭದಲ್ಲಿ ಹೆಚ್ಚಿನ ಪ್ರಮಾಣದ ನೀರು ಬಿಡುಗಡೆ ಮಾಡುವ ಸಾಧ್ಯತೆ ಇದೆ. ನದಿ ಪಾತ್ರದ ಜನರು ಜಾನುವಾರುಗಳನ್ನು ನದಿಗೆ ಇಳಿಸಬಾರದು. ಮೀನುಗಾರರು ನದಿಗೆ ಇಳಿಯಬಾರದು.
- ಜೂಗಲ್ ಮಂಜುನಾಯಕ, ತಹಶೀಲ್ದಾರ್
ಆದರೆ ಈ ಬಾರಿ ಜಲಾಶಯದ ಗೇಟುಗಳನ್ನು ದುರಸ್ತಿ ಮಾಡಿ ಹೊಸ ಗೇಟ್ ನಿರ್ಮಾಣ ಕಾರ್ಯ ಆರಂಭವಾಗಿದ್ದು, ಮೊದಲ ಕಂತಿನ ನೀರು ಬಿಡುಗಡೆಯಾಗಿದೆ. ಜಲಾಶಯದ ಒಳಹರಿವು ನಿರಂತರವಾಗಿ ಹೆಚ್ಚುತ್ತಿದೆ. ಸಂಗ್ರಹ ಸಾಮರ್ಥ್ಯ 105 ಟಿಎಂಸಿ ಇದ್ದು ಪ್ರಸ್ತುತ 80 ಟಿಎಂಸಿ ನೀರು ಸಂಗ್ರಹವಾಗಿದೆ.
ಜಲಾಶಯ ಭರ್ತಿಯಾಗುವ ಹಂತದಲ್ಲಿದ್ದು, ನದಿ ಪಾತ್ರದ ಜನರು ಸುರಕ್ಷಿತ ಸ್ಥಳಗಳಿಗೆ ತೆರಳಬೇಕು. ಜಾನುವಾರುಗಳನ್ನು ನದಿ ದಡಕ್ಕೆ ಬಿಡಬಾರದು ಎಂದು ತಾಲೂಕು ಆಡಳಿತ ಎಚ್ಚರಿಕೆ ನೀಡಿದೆ. ಸಾರ್ವಜನಿಕರು ಸಹಕರಿಸಬೇಕು ಎಂದು ಮನವಿ ಮಾಡಿದೆ.
Suvarna vaahini Kannada Daily, Owner/Editor : V.Ravi, Published at : ( Responsible for selection of news under the PRB Act), Printed :V.Ravi,
Publication: SHREE SHAILA PRINTERS, opp.Eranna Gudi Road,Eslampura,Gangavathi - 581227. Koppal Dist.Karnataka. RNI NO: KARKAN/2022/82651
